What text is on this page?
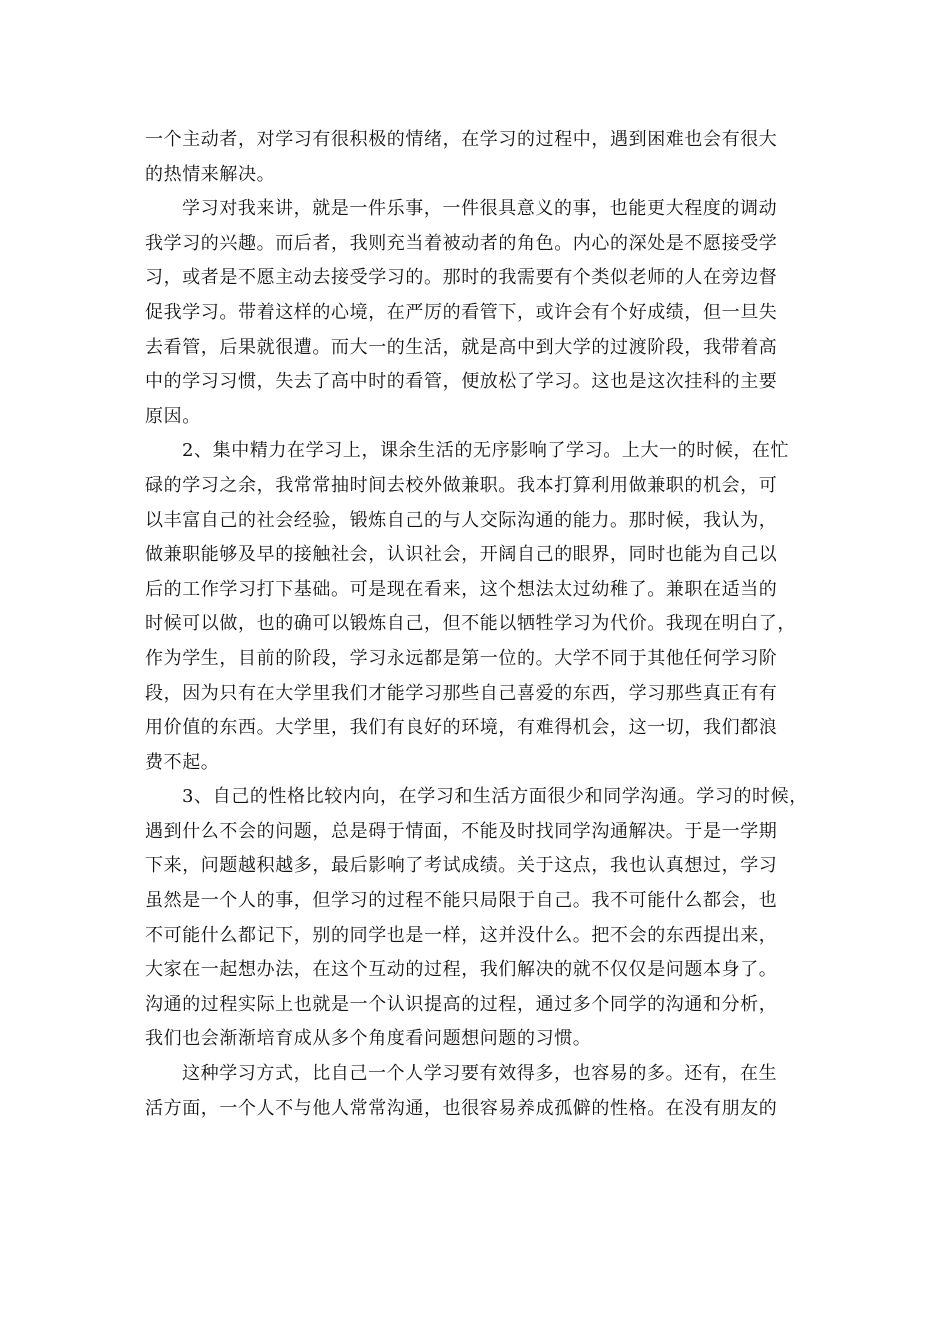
一个主动者，对学习有很积极的情绪，在学习的过程中，遇到困难也会有很大
的热情来解决。
学习对我来讲，就是一件乐事，一件很具意义的事，也能更大程度的调动
我学习的兴趣。而后者，我则充当着被动者的角色。内心的深处是不愿接受学
习，或者是不愿主动去接受学习的。那时的我需要有个类似老师的人在旁边督
促我学习。带着这样的心境，在严厉的看管下，或许会有个好成绩，但一旦失
去看管，后果就很遭。而大一的生活，就是高中到大学的过渡阶段，我带着高
中的学习习惯，失去了高中时的看管，便放松了学习。这也是这次挂科的主要
原因。
2、集中精力在学习上，课余生活的无序影响了学习。上大一的时候，在忙
碌的学习之余，我常常抽时间去校外做兼职。我本打算利用做兼职的机会，可
以丰富自己的社会经验，锻炼自己的与人交际沟通的能力。那时候，我认为，
做兼职能够及早的接触社会，认识社会，开阔自己的眼界，同时也能为自己以
后的工作学习打下基础。可是现在看来，这个想法太过幼稚了。兼职在适当的
时候可以做，也的确可以锻炼自己，但不能以牺牲学习为代价。我现在明白了，
作为学生，目前的阶段，学习永远都是第一位的。大学不同于其他任何学习阶
段，因为只有在大学里我们才能学习那些自己喜爱的东西，学习那些真正有有
用价值的东西。大学里，我们有良好的环境，有难得机会，这一切，我们都浪
费不起。
3、自己的性格比较内向，在学习和生活方面很少和同学沟通。学习的时候，
遇到什么不会的问题，总是碍于情面，不能及时找同学沟通解决。于是一学期
下来，问题越积越多，最后影响了考试成绩。关于这点，我也认真想过，学习
虽然是一个人的事，但学习的过程不能只局限于自己。我不可能什么都会，也
不可能什么都记下，别的同学也是一样，这并没什么。把不会的东西提出来，
大家在一起想办法，在这个互动的过程，我们解决的就不仅仅是问题本身了。
沟通的过程实际上也就是一个认识提高的过程，通过多个同学的沟通和分析，
我们也会渐渐培育成从多个角度看问题想问题的习惯。
这种学习方式，比自己一个人学习要有效得多，也容易的多。还有，在生
活方面，一个人不与他人常常沟通，也很容易养成孤僻的性格。在没有朋友的
